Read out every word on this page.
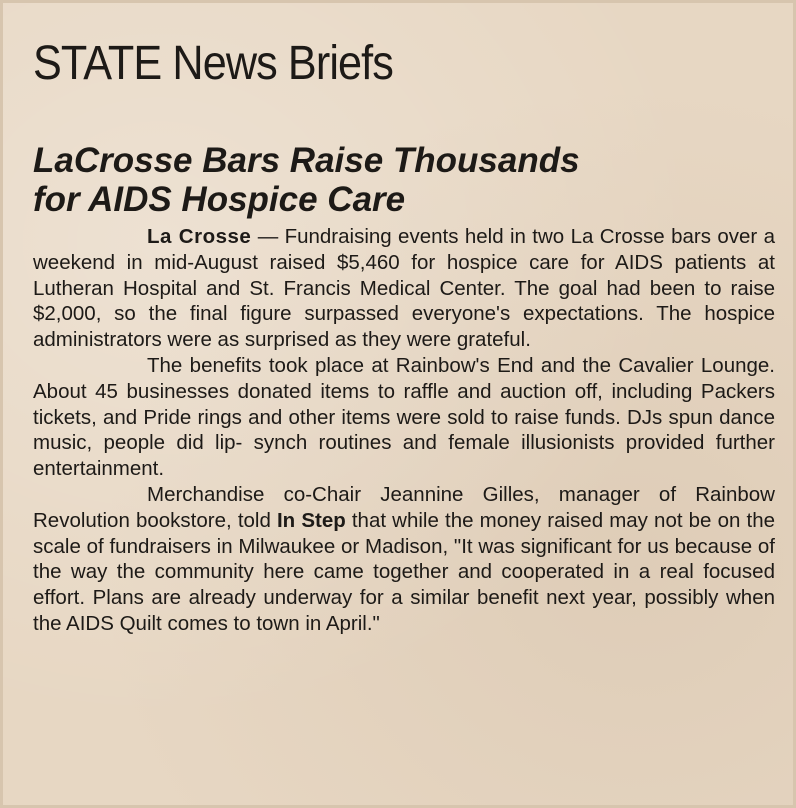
STATE News Briefs
LaCrosse Bars Raise Thousands
for AIDS Hospice Care

La Crosse — Fundraising events held in two La Crosse bars over a weekend in mid-August raised $5,460 for hospice care for AIDS patients at Lutheran Hospital and St. Francis Medical Center. The goal had been to raise $2,000, so the final figure surpassed everyone's expectations. The hospice administrators were as surprised as they were grateful.

The benefits took place at Rainbow's End and the Cavalier Lounge. About 45 businesses donated items to raffle and auction off, including Packers tickets, and Pride rings and other items were sold to raise funds. DJs spun dance music, people did lip- synch routines and female illusionists provided further entertainment.

Merchandise co-Chair Jeannine Gilles, manager of Rainbow Revolution bookstore, told In Step that while the money raised may not be on the scale of fundraisers in Milwaukee or Madison, "It was significant for us because of the way the community here came together and cooperated in a real focused effort. Plans are already underway for a similar benefit next year, possibly when the AIDS Quilt comes to town in April."
